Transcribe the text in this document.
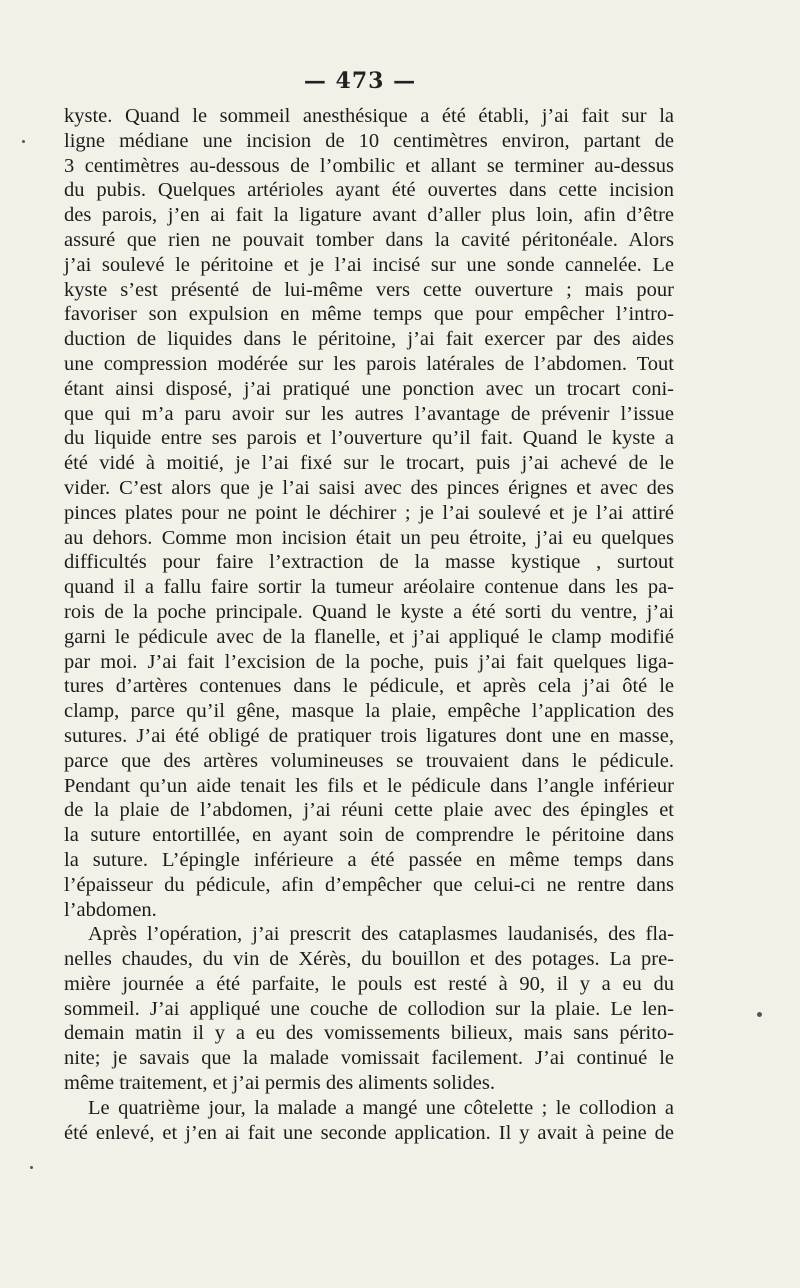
— 473 —
kyste. Quand le sommeil anesthésique a été établi, j’ai fait sur la
ligne médiane une incision de 10 centimètres environ, partant de
3 centimètres au-dessous de l’ombilic et allant se terminer au-dessus
du pubis. Quelques artérioles ayant été ouvertes dans cette incision
des parois, j’en ai fait la ligature avant d’aller plus loin, afin d’être
assuré que rien ne pouvait tomber dans la cavité péritonéale. Alors
j’ai soulevé le péritoine et je l’ai incisé sur une sonde cannelée. Le
kyste s’est présenté de lui-même vers cette ouverture ; mais pour
favoriser son expulsion en même temps que pour empêcher l’intro-
duction de liquides dans le péritoine, j’ai fait exercer par des aides
une compression modérée sur les parois latérales de l’abdomen. Tout
étant ainsi disposé, j’ai pratiqué une ponction avec un trocart coni-
que qui m’a paru avoir sur les autres l’avantage de prévenir l’issue
du liquide entre ses parois et l’ouverture qu’il fait. Quand le kyste a
été vidé à moitié, je l’ai fixé sur le trocart, puis j’ai achevé de le
vider. C’est alors que je l’ai saisi avec des pinces érignes et avec des
pinces plates pour ne point le déchirer ; je l’ai soulevé et je l’ai attiré
au dehors. Comme mon incision était un peu étroite, j’ai eu quelques
difficultés pour faire l’extraction de la masse kystique , surtout
quand il a fallu faire sortir la tumeur aréolaire contenue dans les pa-
rois de la poche principale. Quand le kyste a été sorti du ventre, j’ai
garni le pédicule avec de la flanelle, et j’ai appliqué le clamp modifié
par moi. J’ai fait l’excision de la poche, puis j’ai fait quelques liga-
tures d’artères contenues dans le pédicule, et après cela j’ai ôté le
clamp, parce qu’il gêne, masque la plaie, empêche l’application des
sutures. J’ai été obligé de pratiquer trois ligatures dont une en masse,
parce que des artères volumineuses se trouvaient dans le pédicule.
Pendant qu’un aide tenait les fils et le pédicule dans l’angle inférieur
de la plaie de l’abdomen, j’ai réuni cette plaie avec des épingles et
la suture entortillée, en ayant soin de comprendre le péritoine dans
la suture. L’épingle inférieure a été passée en même temps dans
l’épaisseur du pédicule, afin d’empêcher que celui-ci ne rentre dans
l’abdomen.
Après l’opération, j’ai prescrit des cataplasmes laudanisés, des fla-
nelles chaudes, du vin de Xérès, du bouillon et des potages. La pre-
mière journée a été parfaite, le pouls est resté à 90, il y a eu du
sommeil. J’ai appliqué une couche de collodion sur la plaie. Le len-
demain matin il y a eu des vomissements bilieux, mais sans périto-
nite; je savais que la malade vomissait facilement. J’ai continué le
même traitement, et j’ai permis des aliments solides.
Le quatrième jour, la malade a mangé une côtelette ; le collodion a
été enlevé, et j’en ai fait une seconde application. Il y avait à peine de
